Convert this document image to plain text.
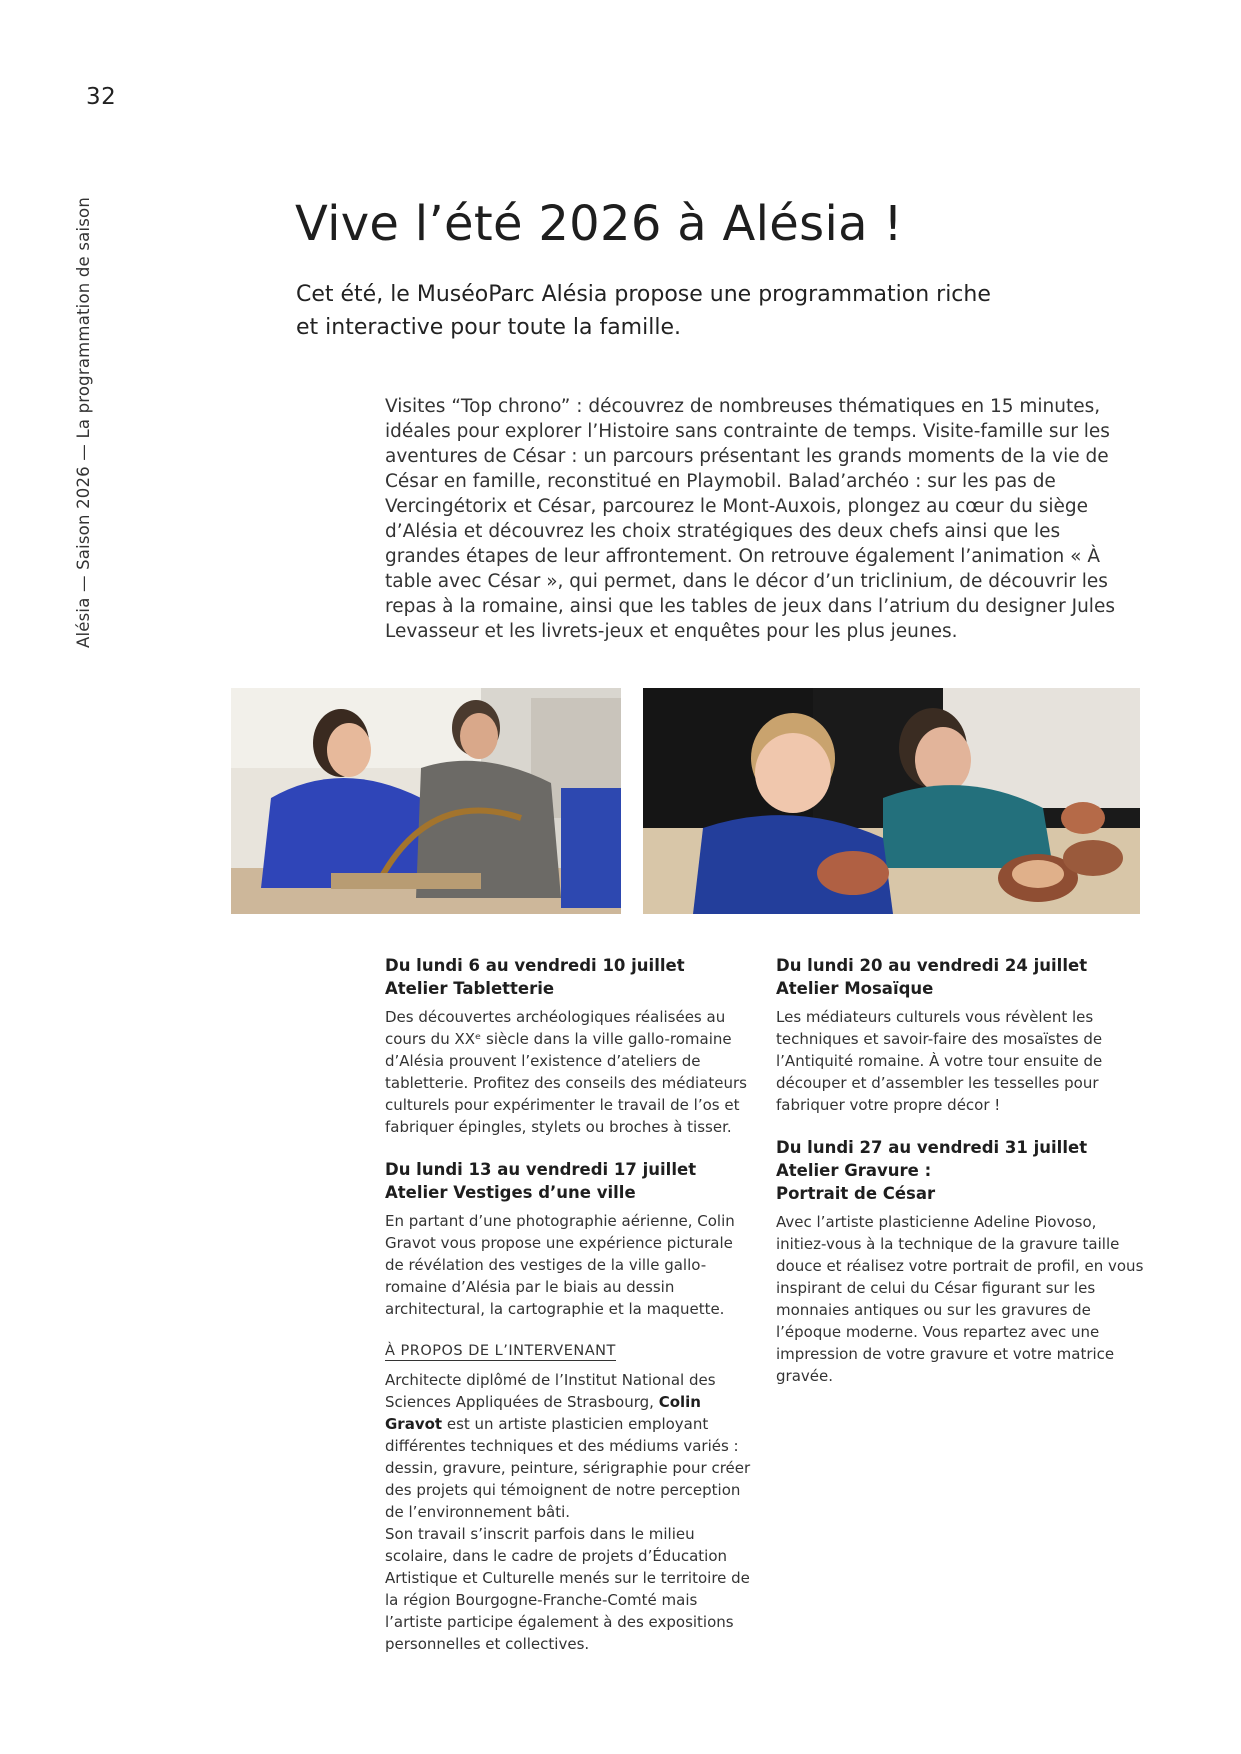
32
Alésia — Saison 2026 — La programmation de saison	Vive l’été 2026 à Alésia !

Cet été, le MuséoParc Alésia propose une programmation riche
et interactive pour toute la famille.

Visites “Top chrono” : découvrez de nombreuses thématiques en 15 minutes, idéales pour explorer l’Histoire sans contrainte de temps. Visite-famille sur les aventures de César : un parcours présentant les grands moments de la vie de César en famille, reconstitué en Playmobil. Balad’archéo : sur les pas de Vercingétorix et César, parcourez le Mont-Auxois, plongez au cœur du siège d’Alésia et découvrez les choix stratégiques des deux chefs ainsi que les grandes étapes de leur affrontement. On retrouve également l’animation « À table avec César », qui permet, dans le décor d’un triclinium, de découvrir les repas à la romaine, ainsi que les tables de jeux dans l’atrium du designer Jules Levasseur et les livrets-jeux et enquêtes pour les plus jeunes.

Du lundi 6 au vendredi 10 juillet
Atelier Tabletterie

Des découvertes archéologiques réalisées au cours du XXᵉ siècle dans la ville gallo-romaine d’Alésia prouvent l’existence d’ateliers de tabletterie. Profitez des conseils des médiateurs culturels pour expérimenter le travail de l’os et fabriquer épingles, stylets ou broches à tisser.

Du lundi 13 au vendredi 17 juillet
Atelier Vestiges d’une ville

En partant d’une photographie aérienne, Colin Gravot vous propose une expérience picturale de révélation des vestiges de la ville gallo-romaine d’Alésia par le biais au dessin architectural, la cartographie et la maquette.

À PROPOS DE L’INTERVENANT

Architecte diplômé de l’Institut National des Sciences Appliquées de Strasbourg, Colin Gravot est un artiste plasticien employant différentes techniques et des médiums variés : dessin, gravure, peinture, sérigraphie pour créer des projets qui témoignent de notre perception de l’environnement bâti.
Son travail s’inscrit parfois dans le milieu scolaire, dans le cadre de projets d’Éducation Artistique et Culturelle menés sur le territoire de la région Bourgogne-Franche-Comté mais l’artiste participe également à des expositions personnelles et collectives.

Du lundi 20 au vendredi 24 juillet
Atelier Mosaïque

Les médiateurs culturels vous révèlent les techniques et savoir-faire des mosaïstes de l’Antiquité romaine. À votre tour ensuite de découper et d’assembler les tesselles pour fabriquer votre propre décor !

Du lundi 27 au vendredi 31 juillet
Atelier Gravure :
Portrait de César

Avec l’artiste plasticienne Adeline Piovoso, initiez-vous à la technique de la gravure taille douce et réalisez votre portrait de profil, en vous inspirant de celui du César figurant sur les monnaies antiques ou sur les gravures de l’époque moderne. Vous repartez avec une impression de votre gravure et votre matrice gravée.
